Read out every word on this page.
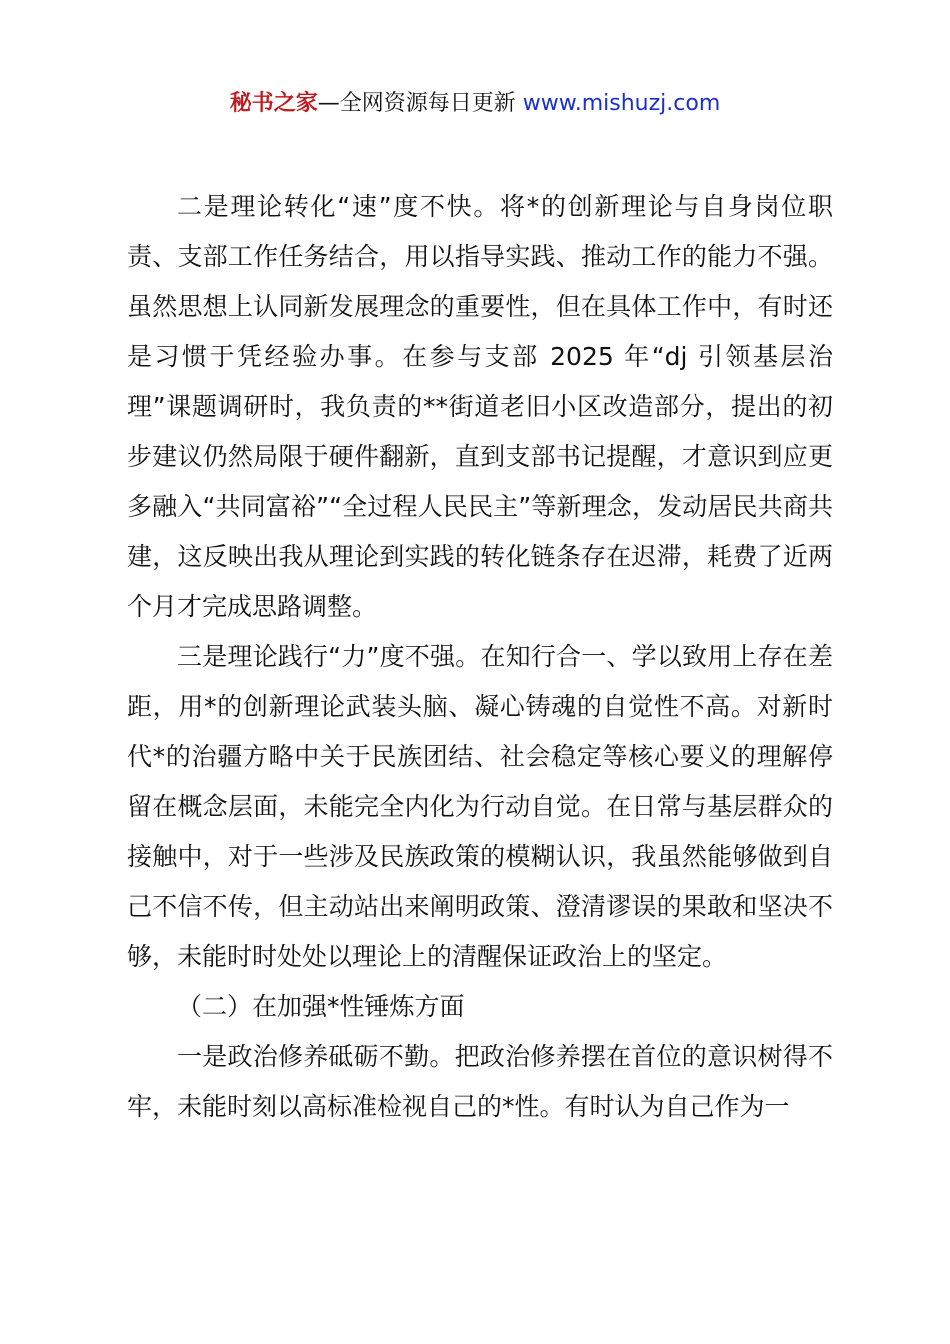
秘书之家—全网资源每日更新 www.mishuzj.com

二是理论转化“速”度不快。将*的创新理论与自身岗位职责、支部工作任务结合，用以指导实践、推动工作的能力不强。虽然思想上认同新发展理念的重要性，但在具体工作中，有时还是习惯于凭经验办事。在参与支部 2025 年“dj 引领基层治理”课题调研时，我负责的**街道老旧小区改造部分，提出的初步建议仍然局限于硬件翻新，直到支部书记提醒，才意识到应更多融入“共同富裕”“全过程人民民主”等新理念，发动居民共商共建，这反映出我从理论到实践的转化链条存在迟滞，耗费了近两个月才完成思路调整。

三是理论践行“力”度不强。在知行合一、学以致用上存在差距，用*的创新理论武装头脑、凝心铸魂的自觉性不高。对新时代*的治疆方略中关于民族团结、社会稳定等核心要义的理解停留在概念层面，未能完全内化为行动自觉。在日常与基层群众的接触中，对于一些涉及民族政策的模糊认识，我虽然能够做到自己不信不传，但主动站出来阐明政策、澄清谬误的果敢和坚决不够，未能时时处处以理论上的清醒保证政治上的坚定。

（二）在加强*性锤炼方面

一是政治修养砥砺不勤。把政治修养摆在首位的意识树得不牢，未能时刻以高标准检视自己的*性。有时认为自己作为一
